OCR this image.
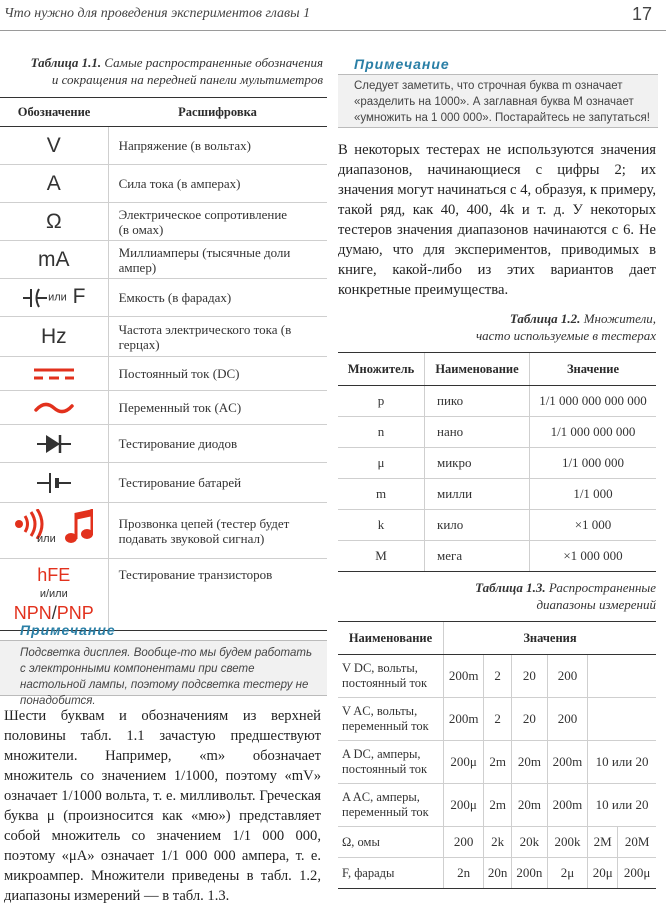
Что нужно для проведения экспериментов главы 1	17
Таблица 1.1. Самые распространенные обозначения
и сокращения на передней панели мультиметров
Обозначение	Расшифровка
V	Напряжение (в вольтах)
A	Сила тока (в амперах)
Ω	Электрическое сопротивление (в омах)

mA	Миллиамперы (тысячные доли ампер)

или F	Емкость (в фарадах)
Hz	Частота электрического тока (в герцах)

	Постоянный ток (DC)
	Переменный ток (AC)
	Тестирование диодов
	Тестирование батарей

или	Прозвонка цепей (тестер будет подавать звуковой сигнал)

hFE
и/или
NPN/PNP	Тестирование транзисторов
Примечание
Подсветка дисплея. Вообще-то мы будем работать с электронными компонентами при свете настольной лампы, поэтому подсветка тестеру не понадобится.
Шести буквам и обозначениям из верхней половины табл. 1.1 зачастую предшествуют множители. Например, «m» обозначает множитель со значением 1/1000, поэтому «mV» означает 1/1000 вольта, т. е. милливольт. Греческая буква μ (произносится как «мю») представляет собой множитель со значением 1/1 000 000, поэтому «μA» означает 1/1 000 000 ампера, т. е. микроампер. Множители приведены в табл. 1.2, диапазоны измерений — в табл. 1.3.
Примечание
Следует заметить, что строчная буква m означает «разделить на 1000». А заглавная буква M означает «умножить на 1 000 000». Постарайтесь не запутаться!
В некоторых тестерах не используются значения диапазонов, начинающиеся с цифры 2; их значения могут начинаться с 4, образуя, к примеру, такой ряд, как 40, 400, 4k и т. д. У некоторых тестеров значения диапазонов начинаются с 6. Не думаю, что для экспериментов, приводимых в книге, какой-либо из этих вариантов дает конкретные преимущества.
Таблица 1.2. Множители,
часто используемые в тестерах
Множитель	Наименование	Значение
p	пико	1/1 000 000 000 000
n	нано	1/1 000 000 000
μ	микро	1/1 000 000
m	милли	1/1 000
k	кило	×1 000
M	мега	×1 000 000
Таблица 1.3. Распространенные
диапазоны измерений
Наименование	Значения					
V DC, вольты, постоянный ток	200m	2	20	200		
V AC, вольты, переменный ток	200m	2	20	200		
A DC, амперы, постоянный ток	200μ	2m	20m	200m	10 или 20	
A AC, амперы, переменный ток	200μ	2m	20m	200m	10 или 20	
Ω, омы	200	2k	20k	200k	2M	20M
F, фарады	2n	20n	200n	2μ	20μ	200μ
